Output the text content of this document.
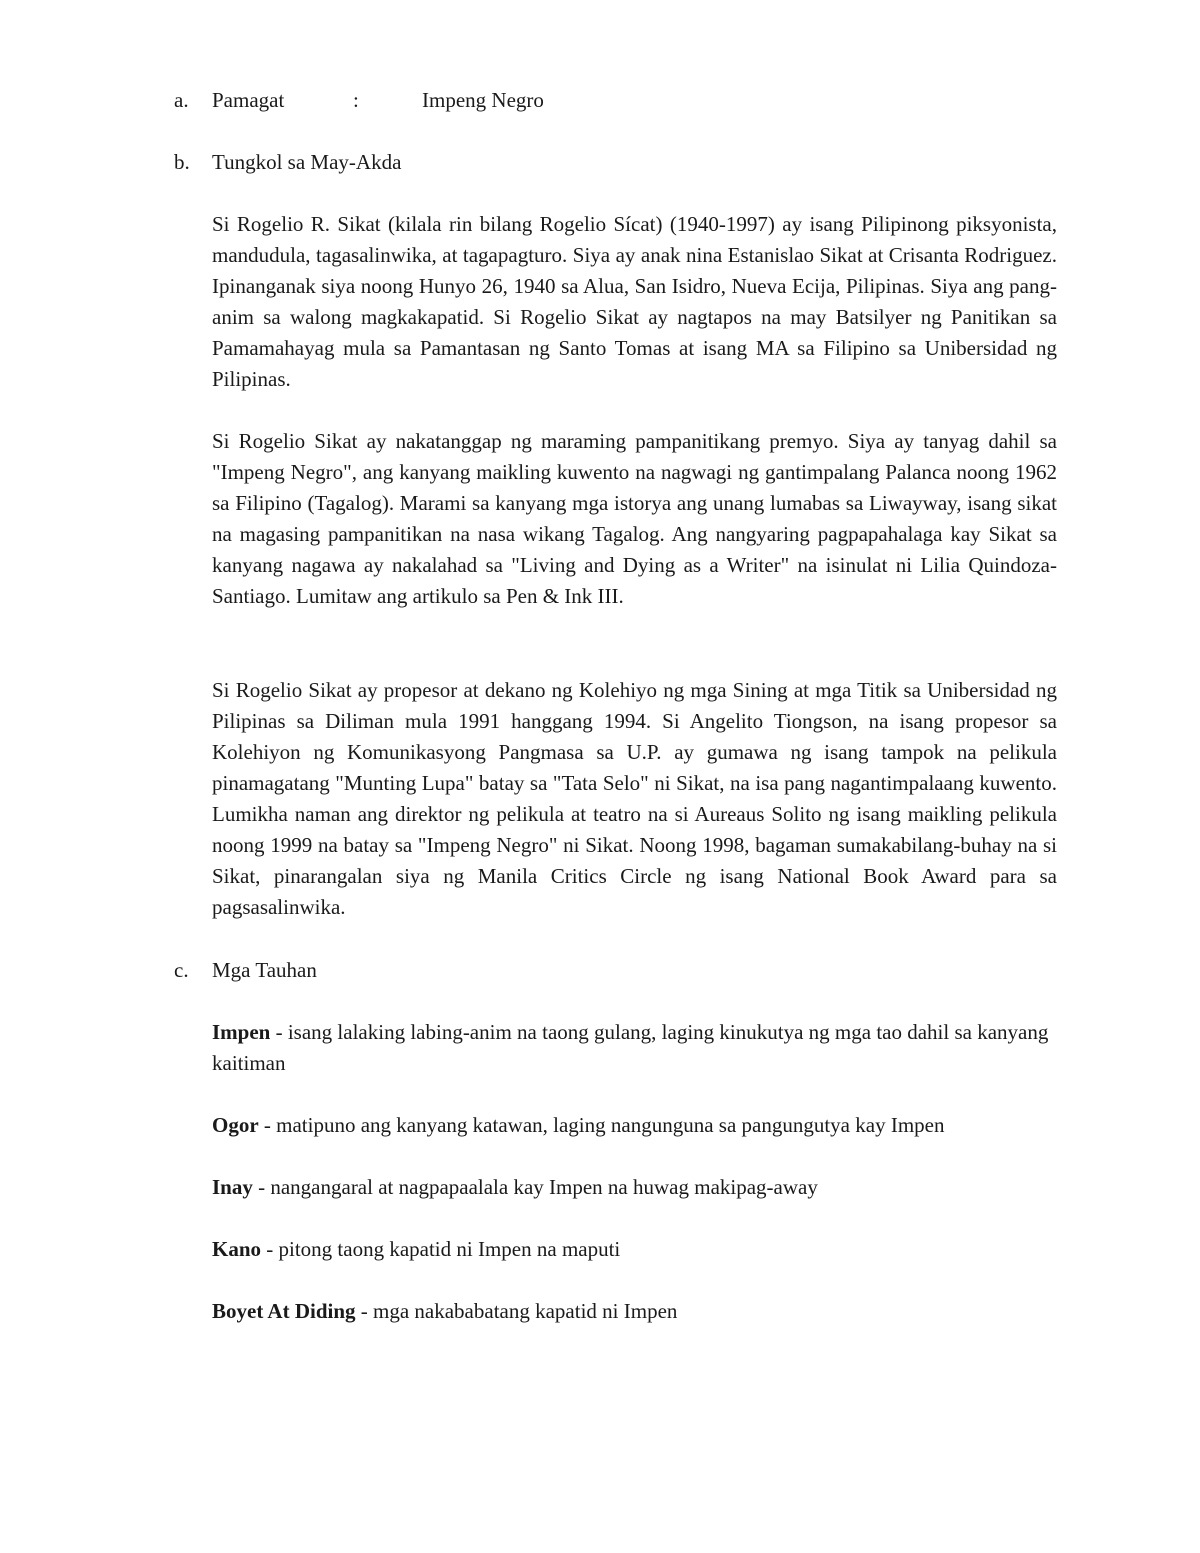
a. Pamagat	:	Impeng Negro
b. Tungkol sa May-Akda

Si Rogelio R. Sikat (kilala rin bilang Rogelio Sícat) (1940-1997) ay isang Pilipinong piksyonista, mandudula, tagasalinwika, at tagapagturo. Siya ay anak nina Estanislao Sikat at Crisanta Rodriguez. Ipinanganak siya noong Hunyo 26, 1940 sa Alua, San Isidro, Nueva Ecija, Pilipinas. Siya ang pang-anim sa walong magkakapatid. Si Rogelio Sikat ay nagtapos na may Batsilyer ng Panitikan sa Pamamahayag mula sa Pamantasan ng Santo Tomas at isang MA sa Filipino sa Unibersidad ng Pilipinas.

Si Rogelio Sikat ay nakatanggap ng maraming pampanitikang premyo. Siya ay tanyag dahil sa "Impeng Negro", ang kanyang maikling kuwento na nagwagi ng gantimpalang Palanca noong 1962 sa Filipino (Tagalog). Marami sa kanyang mga istorya ang unang lumabas sa Liwayway, isang sikat na magasing pampanitikan na nasa wikang Tagalog. Ang nangyaring pagpapahalaga kay Sikat sa kanyang nagawa ay nakalahad sa "Living and Dying as a Writer" na isinulat ni Lilia Quindoza-Santiago. Lumitaw ang artikulo sa Pen & Ink III.

Si Rogelio Sikat ay propesor at dekano ng Kolehiyo ng mga Sining at mga Titik sa Unibersidad ng Pilipinas sa Diliman mula 1991 hanggang 1994. Si Angelito Tiongson, na isang propesor sa Kolehiyon ng Komunikasyong Pangmasa sa U.P. ay gumawa ng isang tampok na pelikula pinamagatang "Munting Lupa" batay sa "Tata Selo" ni Sikat, na isa pang nagantimpalaang kuwento. Lumikha naman ang direktor ng pelikula at teatro na si Aureaus Solito ng isang maikling pelikula noong 1999 na batay sa "Impeng Negro" ni Sikat. Noong 1998, bagaman sumakabilang-buhay na si Sikat, pinarangalan siya ng Manila Critics Circle ng isang National Book Award para sa pagsasalinwika.

c. Mga Tauhan

Impen - isang lalaking labing-anim na taong gulang, laging kinukutya ng mga tao dahil sa kanyang kaitiman

Ogor - matipuno ang kanyang katawan, laging nangunguna sa pangungutya kay Impen

Inay - nangangaral at nagpapaalala kay Impen na huwag makipag-away

Kano - pitong taong kapatid ni Impen na maputi

Boyet At Diding - mga nakababatang kapatid ni Impen
